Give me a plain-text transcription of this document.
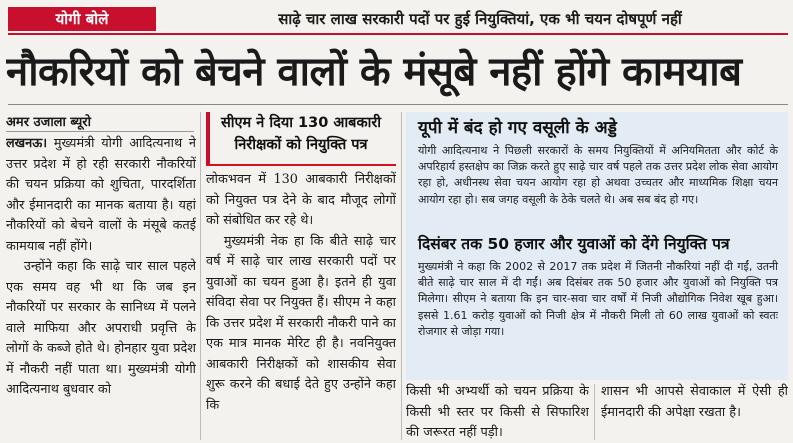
योगी बोले	साढ़े चार लाख सरकारी पदों पर हुई नियुक्तियां, एक भी चयन दोषपूर्ण नहीं
नौकरियों को बेचने वालों के मंसूबे नहीं होंगे कामयाब
अमर उजाला ब्यूरो

लखनऊ। मुख्यमंत्री योगी आदित्यनाथ ने उत्तर प्रदेश में हो रही सरकारी नौकरियों की चयन प्रक्रिया को शुचिता, पारदर्शिता और ईमानदारी का मानक बताया है। यहां नौकरियों को बेचने वालों के मंसूबे कतई कामयाब नहीं होंगे।

उन्होंने कहा कि साढ़े चार साल पहले एक समय वह भी था कि जब इन नौकरियों पर सरकार के सानिध्य में पलने वाले माफिया और अपराधी प्रवृत्ति के लोगों के कब्जे होते थे। होनहार युवा प्रदेश में नौकरी नहीं पाता था। मुख्यमंत्री योगी आदित्यनाथ बुधवार को

सीएम ने दिया 130 आबकारी निरीक्षकों को नियुक्ति पत्र

लोकभवन में 130 आबकारी निरीक्षकों को नियुक्त पत्र देने के बाद मौजूद लोगों को संबोधित कर रहे थे।

मुख्यमंत्री नेक हा कि बीते साढ़े चार वर्ष में साढ़े चार लाख सरकारी पदों पर युवाओं का चयन हुआ है। इतने ही युवा संविदा सेवा पर नियुक्त हैं। सीएम ने कहा कि उत्तर प्रदेश में सरकारी नौकरी पाने का एक मात्र मानक मेरिट ही है। नवनियुक्त आबकारी निरीक्षकों को शासकीय सेवा शुरू करने की बधाई देते हुए उन्होंने कहा कि

यूपी में बंद हो गए वसूली के अड्डे
योगी आदित्यनाथ ने पिछली सरकारों के समय नियुक्तियों में अनियमितता और कोर्ट के अपरिहार्य हस्तक्षेप का जिक्र करते हुए साढ़े चार वर्ष पहले तक उत्तर प्रदेश लोक सेवा आयोग रहा हो, अधीनस्थ सेवा चयन आयोग रहा हो अथवा उच्चतर और माध्यमिक शिक्षा चयन आयोग रहा हो। सब जगह वसूली के ठेके चलते थे। अब सब बंद हो गए।
दिसंबर तक 50 हजार और युवाओं को देंगे नियुक्ति पत्र
मुख्यमंत्री ने कहा कि 2002 से 2017 तक प्रदेश में जितनी नौकरियां नहीं दी गईं, उतनी बीते साढ़े चार साल में दी गईं। अब दिसंबर तक 50 हजार और युवाओं को नियुक्ति पत्र मिलेगा। सीएम ने बताया कि इन चार-सवा चार वर्षों में निजी औद्योगिक निवेश खूब हुआ। इससे 1.61 करोड़ युवाओं को निजी क्षेत्र में नौकरी मिली तो 60 लाख युवाओं को स्वतः रोजगार से जोड़ा गया।

किसी भी अभ्यर्थी को चयन प्रक्रिया के किसी भी स्तर पर किसी से सिफारिश की जरूरत नहीं पड़ी।

शासन भी आपसे सेवाकाल में ऐसी ही ईमानदारी की अपेक्षा रखता है।
